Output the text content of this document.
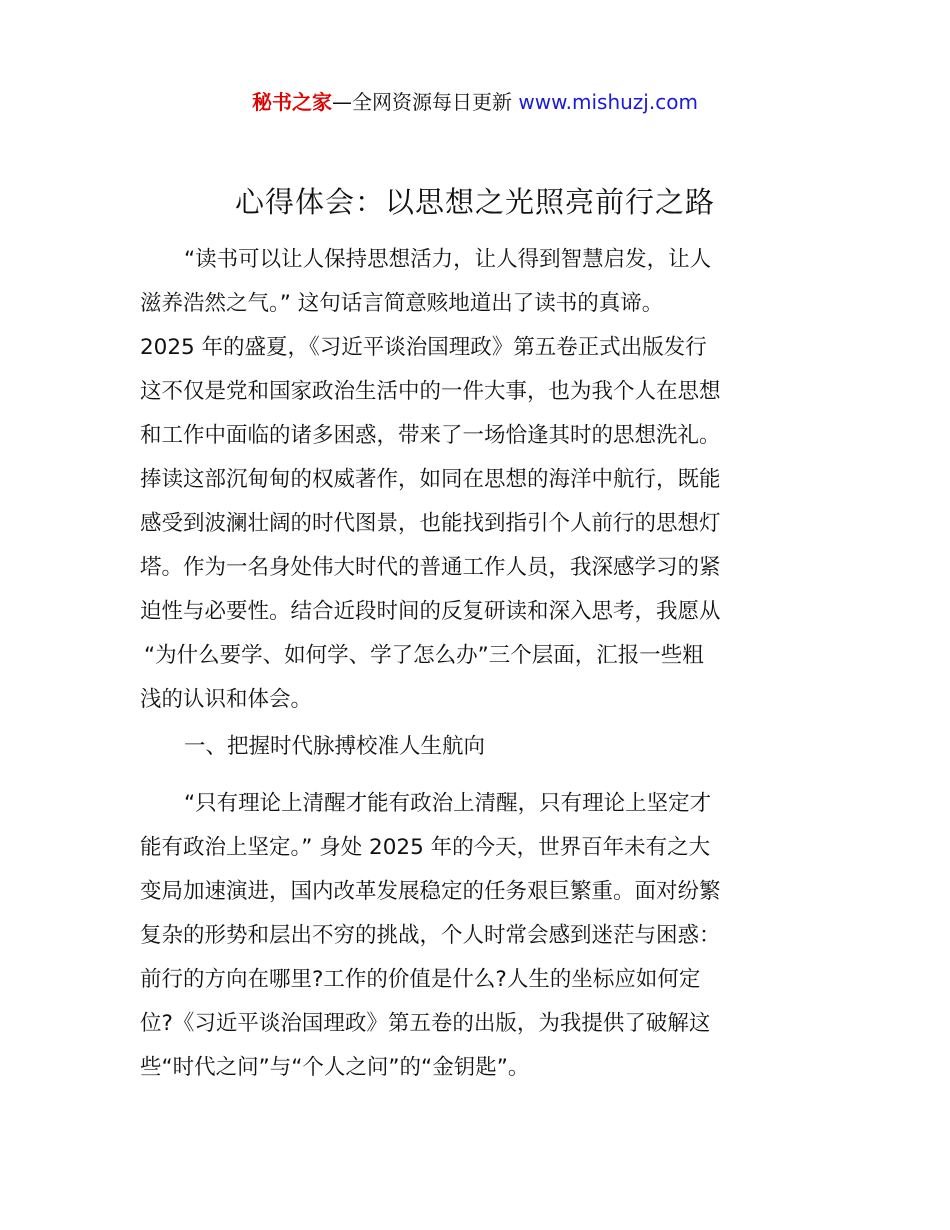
秘书之家—全网资源每日更新 www.mishuzj.com
心得体会：以思想之光照亮前行之路
“读书可以让人保持思想活力，让人得到智慧启发，让人
滋养浩然之气。” 这句话言简意赅地道出了读书的真谛。
2025 年的盛夏，《习近平谈治国理政》第五卷正式出版发行
这不仅是党和国家政治生活中的一件大事，也为我个人在思想
和工作中面临的诸多困惑，带来了一场恰逢其时的思想洗礼。
捧读这部沉甸甸的权威著作，如同在思想的海洋中航行，既能
感受到波澜壮阔的时代图景，也能找到指引个人前行的思想灯
塔。作为一名身处伟大时代的普通工作人员，我深感学习的紧
迫性与必要性。结合近段时间的反复研读和深入思考，我愿从
“为什么要学、如何学、学了怎么办”三个层面，汇报一些粗
浅的认识和体会。
一、把握时代脉搏校准人生航向
“只有理论上清醒才能有政治上清醒，只有理论上坚定才
能有政治上坚定。” 身处 2025 年的今天，世界百年未有之大
变局加速演进，国内改革发展稳定的任务艰巨繁重。面对纷繁
复杂的形势和层出不穷的挑战，个人时常会感到迷茫与困惑：
前行的方向在哪里?工作的价值是什么?人生的坐标应如何定
位?《习近平谈治国理政》第五卷的出版，为我提供了破解这
些“时代之问”与“个人之问”的“金钥匙”。
